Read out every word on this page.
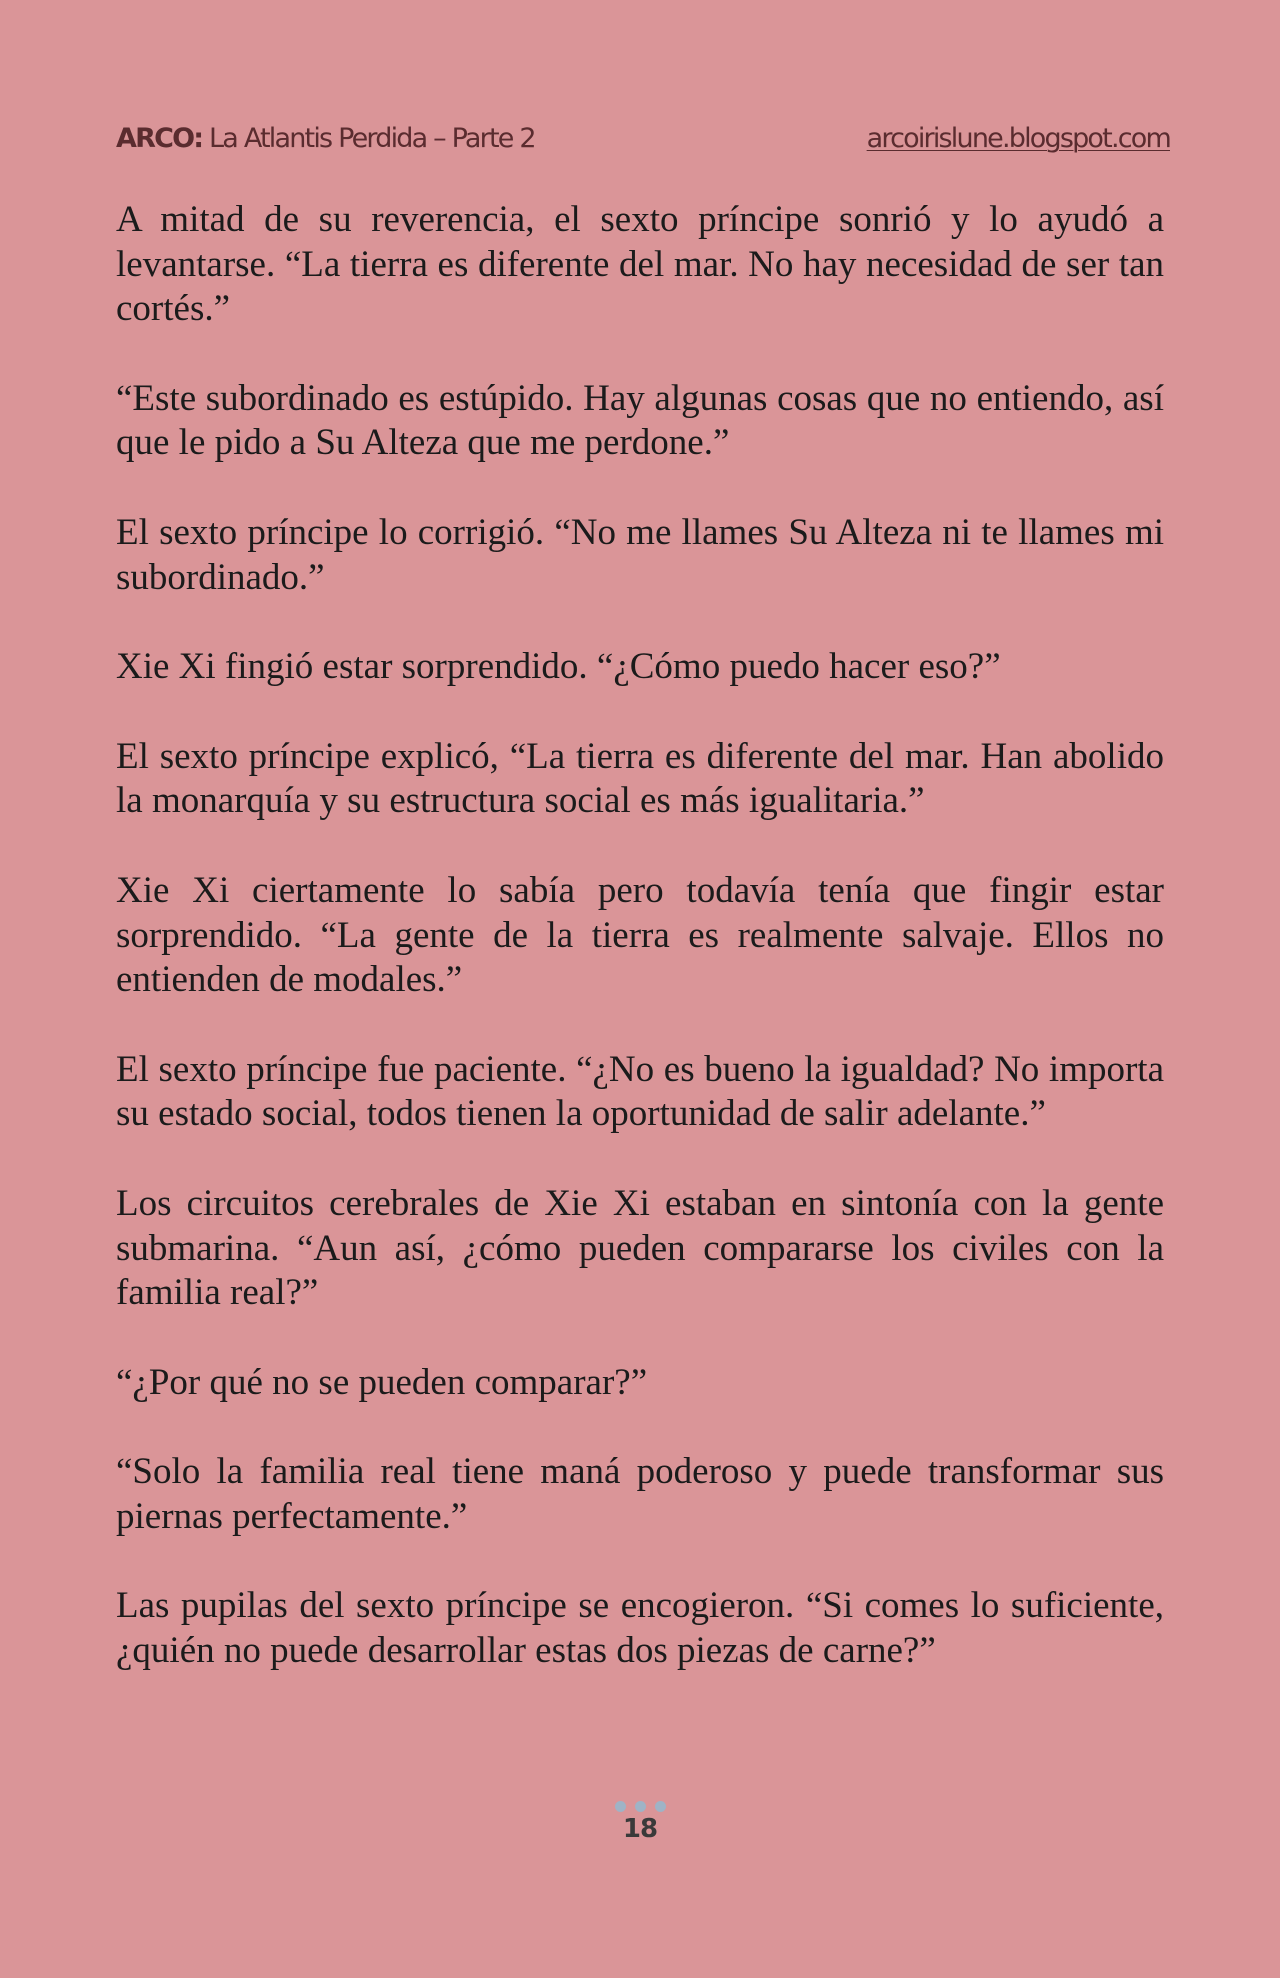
ARCO: La Atlantis Perdida – Parte 2	arcoirislune.blogspot.com

A mitad de su reverencia, el sexto príncipe sonrió y lo ayudó a levantarse. “La tierra es diferente del mar. No hay necesidad de ser tan cortés.”

“Este subordinado es estúpido. Hay algunas cosas que no entiendo, así que le pido a Su Alteza que me perdone.”

El sexto príncipe lo corrigió. “No me llames Su Alteza ni te llames mi subordinado.”

Xie Xi fingió estar sorprendido. “¿Cómo puedo hacer eso?”

El sexto príncipe explicó, “La tierra es diferente del mar. Han abolido la monarquía y su estructura social es más igualitaria.”

Xie Xi ciertamente lo sabía pero todavía tenía que fingir estar sorprendido. “La gente de la tierra es realmente salvaje. Ellos no entienden de modales.”

El sexto príncipe fue paciente. “¿No es bueno la igualdad? No importa su estado social, todos tienen la oportunidad de salir adelante.”

Los circuitos cerebrales de Xie Xi estaban en sintonía con la gente submarina. “Aun así, ¿cómo pueden compararse los civiles con la familia real?”

“¿Por qué no se pueden comparar?”

“Solo la familia real tiene maná poderoso y puede transformar sus piernas perfectamente.”

Las pupilas del sexto príncipe se encogieron. “Si comes lo suficiente, ¿quién no puede desarrollar estas dos piezas de carne?”

18
